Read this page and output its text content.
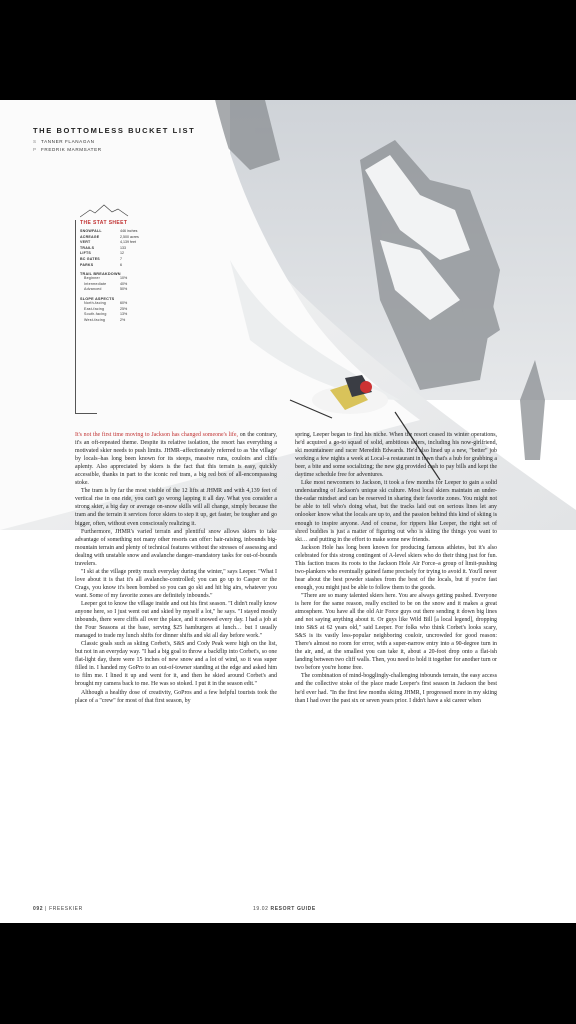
THE BOTTOMLESS BUCKET LIST
S TANNER FLANAGAN
P FREDRIK MARMSATER
THE STAT SHEET
SNOWFALL	446 inches
ACREAGE	2,500 acres
VERT	4,139 feet
TRAILS	133
LIFTS	12
BC GATES	7
PARKS	6
TRAIL BREAKDOWN
Beginner	10%
Intermediate	40%
Advanced	50%
SLOPE ASPECTS
North-facing	60%
East-facing	25%
South-facing	13%
West-facing	2%

It's not the first time moving to Jackson has changed someone's life, on the contrary, it's an oft-repeated theme. Despite its relative isolation, the resort has everything a motivated skier needs to push limits. JHMR–affectionately referred to as 'the village' by locals–has long been known for its steeps, massive runs, couloirs and cliffs aplenty. Also appreciated by skiers is the fact that this terrain is easy, quickly accessible, thanks in part to the iconic red tram, a big red box of all-encompassing stoke.

The tram is by far the most visible of the 12 lifts at JHMR and with 4,139 feet of vertical rise in one ride, you can't go wrong lapping it all day. What you consider a strong skier, a big day or average on-snow skills will all change, simply because the tram and the terrain it services force skiers to step it up, get faster, be tougher and go bigger, often, without even consciously realizing it.

Furthermore, JHMR's varied terrain and plentiful snow allows skiers to take advantage of something not many other resorts can offer: hair-raising, inbounds big-mountain terrain and plenty of technical features without the stresses of assessing and dealing with unstable snow and avalanche danger–mandatory tasks for out-of-bounds travelers.

"I ski at the village pretty much everyday during the winter," says Leeper. "What I love about it is that it's all avalanche-controlled; you can go up to Casper or the Crags, you know it's been bombed so you can go ski and hit big airs, whatever you want. Some of my favorite zones are definitely inbounds."

Leeper got to know the village inside and out his first season. "I didn't really know anyone here, so I just went out and skied by myself a lot," he says. "I stayed mostly inbounds, there were cliffs all over the place, and it snowed every day. I had a job at the Four Seasons at the base, serving $25 hamburgers at lunch… but I usually managed to trade my lunch shifts for dinner shifts and ski all day before work."

Classic goals such as skiing Corbet's, S&S and Cody Peak were high on the list, but not in an everyday way. "I had a big goal to throw a backflip into Corbet's, so one flat-light day, there were 15 inches of new snow and a lot of wind, so it was super filled in. I handed my GoPro to an out-of-towner standing at the edge and asked him to film me. I lined it up and went for it, and then he skied around Corbet's and brought my camera back to me. He was so stoked. I put it in the season edit."

Although a healthy dose of creativity, GoPros and a few helpful tourists took the place of a "crew" for most of that first season, by

spring, Leeper began to find his niche. When the resort ceased its winter operations, he'd acquired a go-to squad of solid, ambitious skiers, including his now-girlfriend, ski mountaineer and racer Meredith Edwards. He'd also lined up a new, "better" job working a few nights a week at Local–a restaurant in town that's a hub for grabbing a beer, a bite and some socializing; the new gig provided cash to pay bills and kept the daytime schedule free for adventures.

Like most newcomers to Jackson, it took a few months for Leeper to gain a solid understanding of Jackson's unique ski culture. Most local skiers maintain an under-the-radar mindset and can be reserved in sharing their favorite zones. You might not be able to tell who's doing what, but the tracks laid out on serious lines let any onlooker know what the locals are up to, and the passion behind this kind of skiing is enough to inspire anyone. And of course, for rippers like Leeper, the right set of shred buddies is just a matter of figuring out who is skiing the things you want to ski… and putting in the effort to make some new friends.

Jackson Hole has long been known for producing famous athletes, but it's also celebrated for this strong contingent of A-level skiers who do their thing just for fun. This faction traces its roots to the Jackson Hole Air Force–a group of limit-pushing two-plankers who eventually gained fame precisely for trying to avoid it. You'll never hear about the best powder stashes from the best of the locals, but if you're fast enough, you might just be able to follow them to the goods.

"There are so many talented skiers here. You are always getting pushed. Everyone is here for the same reason, really excited to be on the snow and it makes a great atmosphere. You have all the old Air Force guys out there sending it down big lines and not saying anything about it. Or guys like Wild Bill [a local legend], dropping into S&S at 62 years old," said Leeper. For folks who think Corbet's looks scary, S&S is its vastly less-popular neighboring couloir, uncrowded for good reason: There's almost no room for error, with a super-narrow entry into a 90-degree turn in the air, and, at the smallest you can take it, about a 20-foot drop onto a flat-ish landing between two cliff walls. Then, you need to hold it together for another turn or two before you're home free.

The combination of mind-bogglingly-challenging inbounds terrain, the easy access and the collective stoke of the place made Leeper's first season in Jackson the best he'd ever had. "In the first few months skiing JHMR, I progressed more in my skiing than I had over the past six or seven years prior. I didn't have a ski career when

092 | FREESKIER	19.02 RESORT GUIDE
